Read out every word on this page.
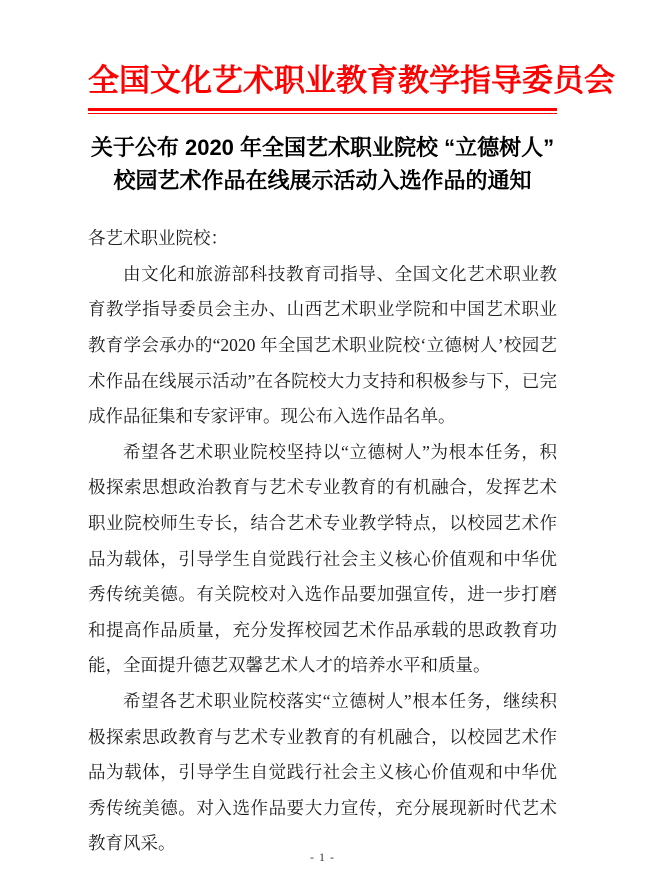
全国文化艺术职业教育教学指导委员会
关于公布 2020 年全国艺术职业院校 “立德树人”
校园艺术作品在线展示活动入选作品的通知

各艺术职业院校：

由文化和旅游部科技教育司指导、全国文化艺术职业教育教学指导委员会主办、山西艺术职业学院和中国艺术职业教育学会承办的“2020 年全国艺术职业院校‘立德树人’校园艺术作品在线展示活动”在各院校大力支持和积极参与下，已完成作品征集和专家评审。现公布入选作品名单。

希望各艺术职业院校坚持以“立德树人”为根本任务，积极探索思想政治教育与艺术专业教育的有机融合，发挥艺术职业院校师生专长，结合艺术专业教学特点，以校园艺术作品为载体，引导学生自觉践行社会主义核心价值观和中华优秀传统美德。有关院校对入选作品要加强宣传，进一步打磨和提高作品质量，充分发挥校园艺术作品承载的思政教育功能，全面提升德艺双馨艺术人才的培养水平和质量。

希望各艺术职业院校落实“立德树人”根本任务，继续积极探索思政教育与艺术专业教育的有机融合，以校园艺术作品为载体，引导学生自觉践行社会主义核心价值观和中华优秀传统美德。对入选作品要大力宣传，充分展现新时代艺术教育风采。

- 1 -
